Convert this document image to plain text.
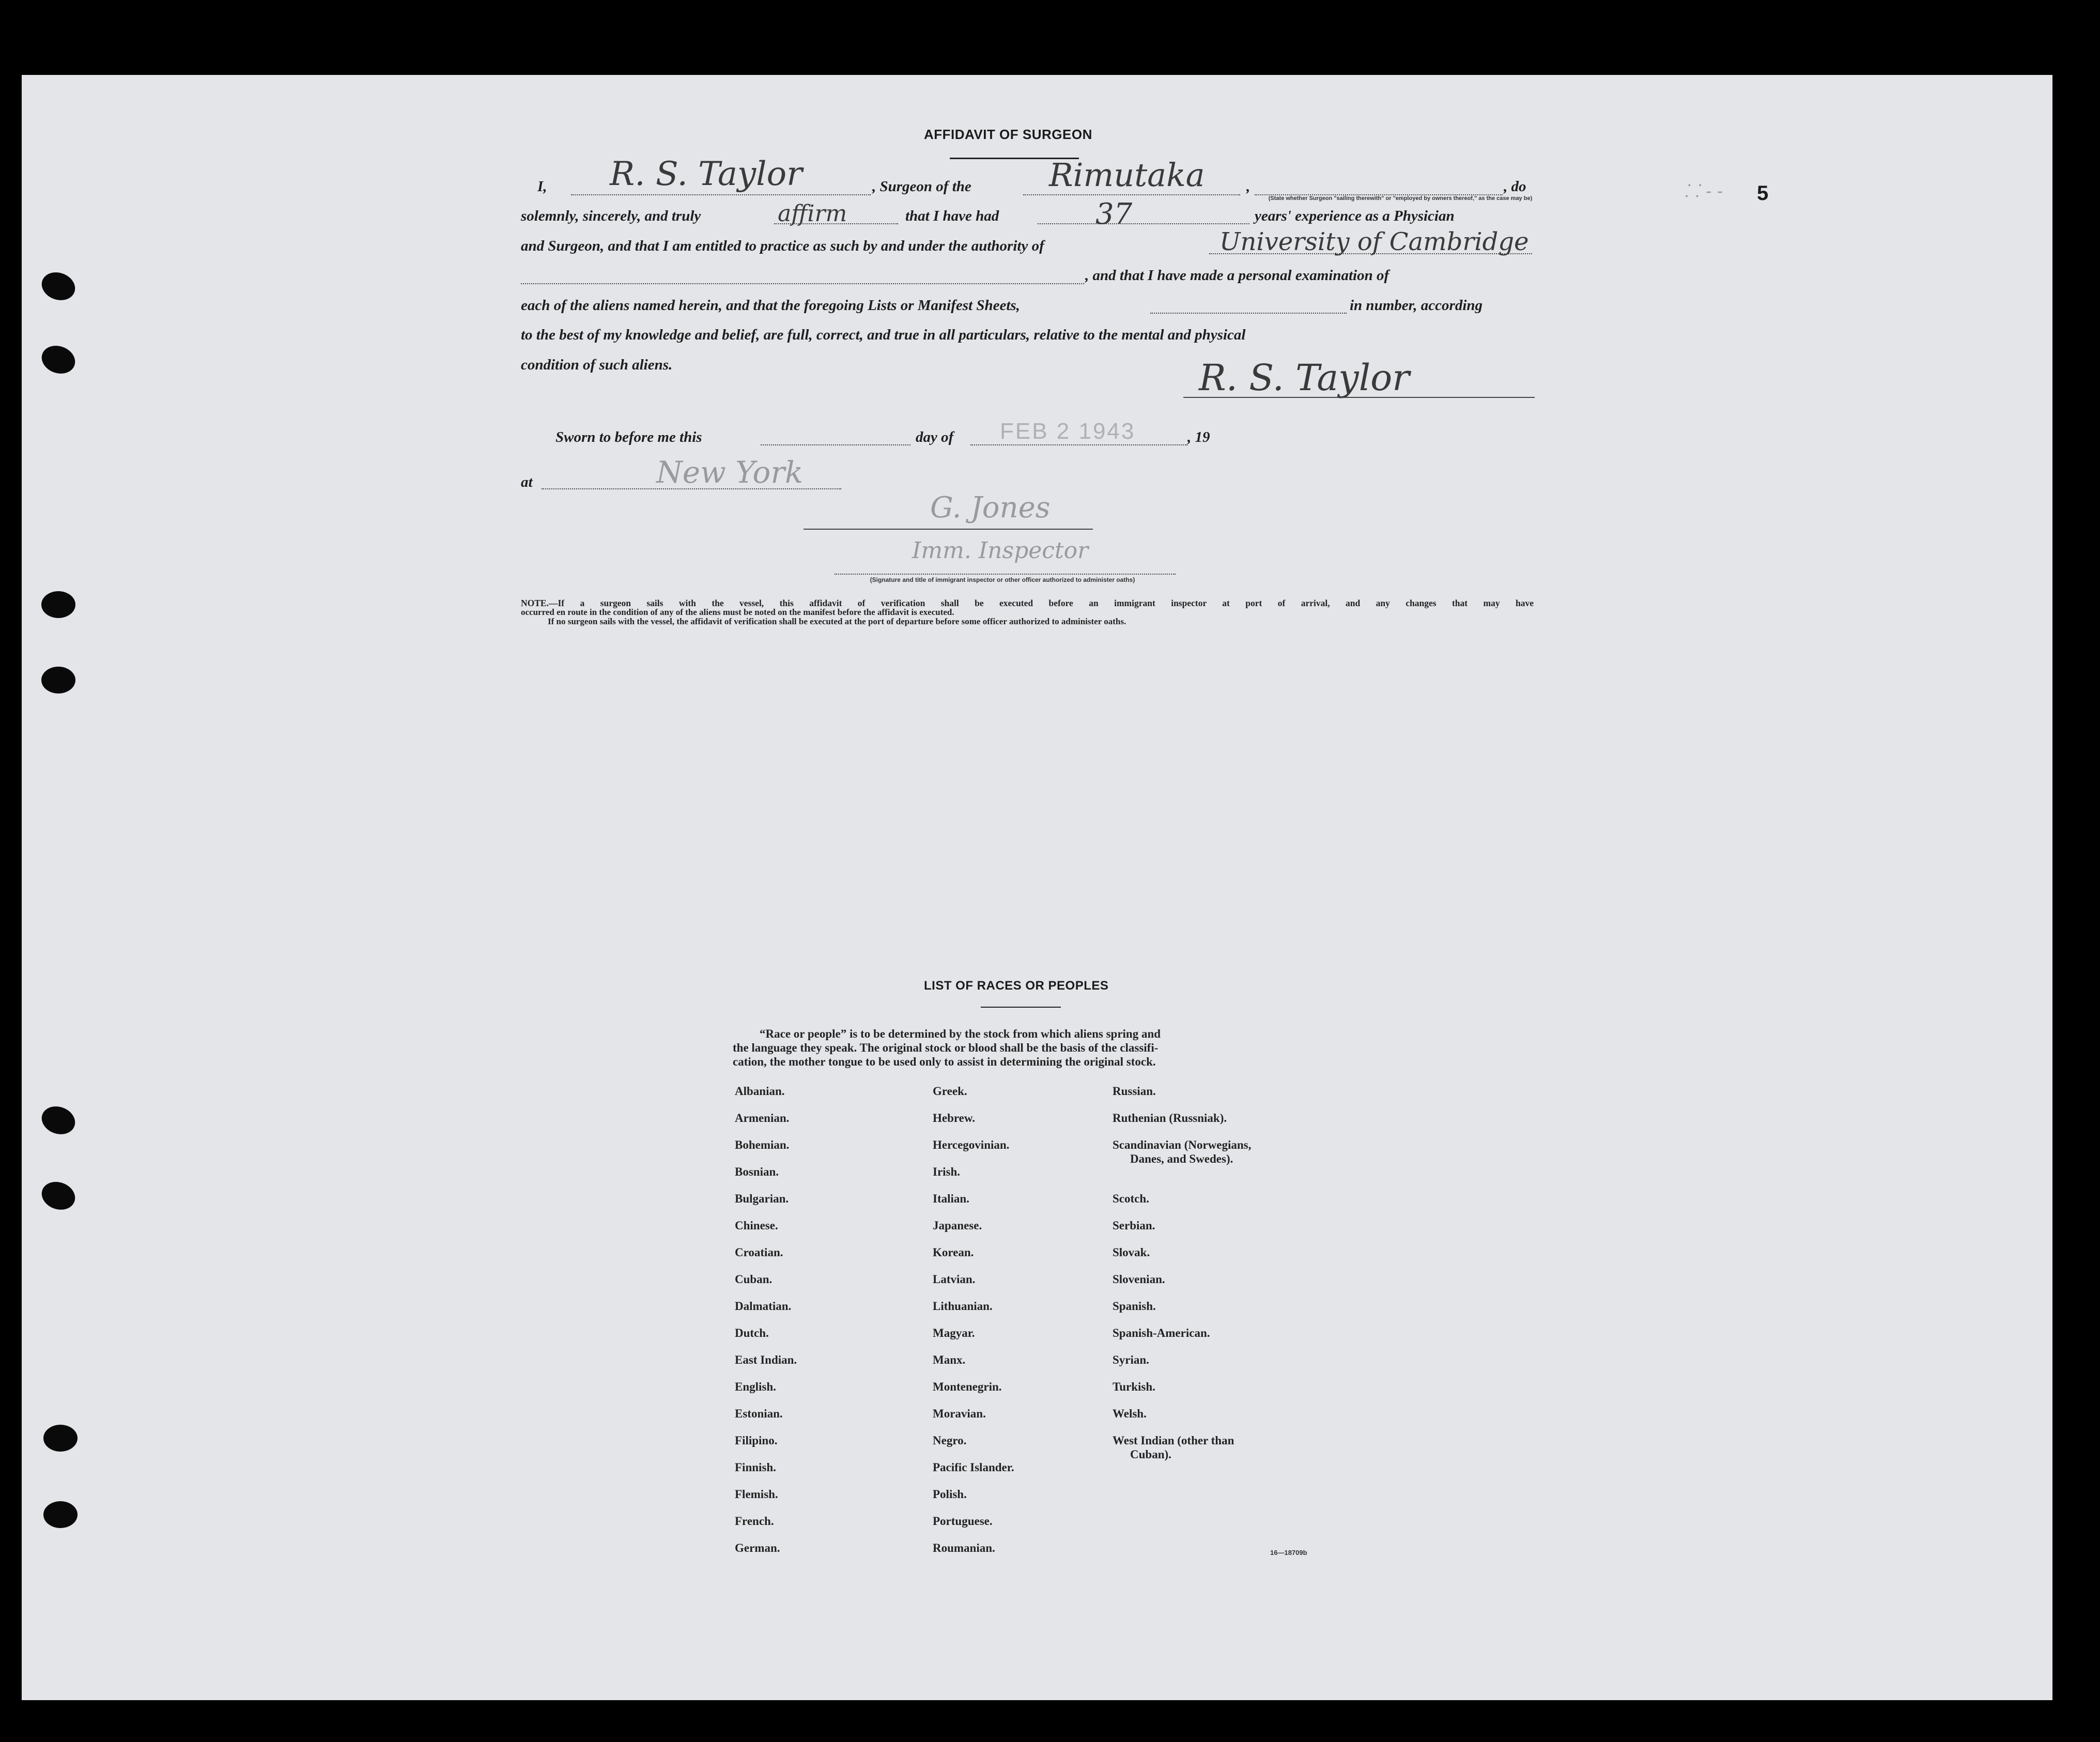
AFFIDAVIT OF SURGEON
5
⸬ ⁃ ⁃
I, R. S. Taylor	, Surgeon of the Rimutaka	,
(State whether Surgeon "sailing therewith" or "employed by owners thereof," as the case may be)
, do
solemnly, sincerely, and truly	affirm	that I have had	37	years' experience as a Physician
and Surgeon, and that I am entitled to practice as such by and under the authority of	University of Cambridge
, and that I have made a personal examination of
each of the aliens named herein, and that the foregoing Lists or Manifest Sheets,	in number, according
to the best of my knowledge and belief, are full, correct, and true in all particulars, relative to the mental and physical
condition of such aliens.	R. S. Taylor
Sworn to before me this	day of FEB 2 1943	, 19
at	New York
G. Jones
Imm. Inspector
(Signature and title of immigrant inspector or other officer authorized to administer oaths)
NOTE.—If a surgeon sails with the vessel, this affidavit of verification shall be executed before an immigrant inspector at port of arrival, and any changes that may have
occurred en route in the condition of any of the aliens must be noted on the manifest before the affidavit is executed.
If no surgeon sails with the vessel, the affidavit of verification shall be executed at the port of departure before some officer authorized to administer oaths.
LIST OF RACES OR PEOPLES
“Race or people” is to be determined by the stock from which aliens spring and
the language they speak. The original stock or blood shall be the basis of the classifi-
cation, the mother tongue to be used only to assist in determining the original stock.
Albanian.
Armenian.
Bohemian.
Bosnian.
Bulgarian.
Chinese.
Croatian.
Cuban.
Dalmatian.
Dutch.
East Indian.
English.
Estonian.
Filipino.
Finnish.
Flemish.
French.
German.
Greek.
Hebrew.
Hercegovinian.
Irish.
Italian.
Japanese.
Korean.
Latvian.
Lithuanian.
Magyar.
Manx.
Montenegrin.
Moravian.
Negro.
Pacific Islander.
Polish.
Portuguese.
Roumanian.
Russian.
Ruthenian (Russniak).
Scandinavian (Norwegians,
Danes, and Swedes).
Scotch.
Serbian.
Slovak.
Slovenian.
Spanish.
Spanish-American.
Syrian.
Turkish.
Welsh.
West Indian (other than
Cuban).
16—18709b
